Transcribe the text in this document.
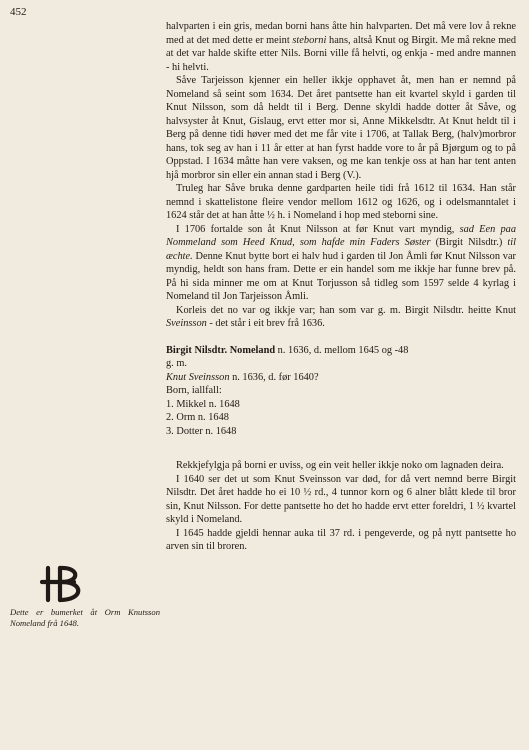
452

halvparten i ein gris, medan borni hans åtte hin halvparten. Det må vere lov å rekne med at det med dette er meint steborni hans, altså Knut og Birgit. Me må rekne med at det var halde skifte etter Nils. Borni ville få helvti, og enkja - med andre mannen - hi helvti.

Såve Tarjeisson kjenner ein heller ikkje opphavet åt, men han er nemnd på Nomeland så seint som 1634. Det året pantsette han eit kvartel skyld i garden til Knut Nilsson, som då heldt til i Berg. Denne skyldi hadde dotter åt Såve, og halvsyster åt Knut, Gislaug, ervt etter mor si, Anne Mikkelsdtr. At Knut heldt til i Berg på denne tidi høver med det me får vite i 1706, at Tallak Berg, (halv)morbror hans, tok seg av han i 11 år etter at han fyrst hadde vore to år på Bjørgum og to på Oppstad. I 1634 måtte han vere vaksen, og me kan tenkje oss at han har tent anten hjå morbror sin eller ein annan stad i Berg (V.).

Truleg har Såve bruka denne gardparten heile tidi frå 1612 til 1634. Han står nemnd i skattelistone fleire vendor mellom 1612 og 1626, og i odelsmanntalet i 1624 står det at han åtte ½ h. i Nomeland i hop med steborni sine.

I 1706 fortalde son åt Knut Nilsson at før Knut vart myndig, sad Een paa Nommeland som Heed Knud, som hafde min Faders Søster (Birgit Nilsdtr.) til æchte. Denne Knut bytte bort ei halv hud i garden til Jon Åmli før Knut Nilsson var myndig, heldt son hans fram. Dette er ein handel som me ikkje har funne brev på. På hi sida minner me om at Knut Torjusson så tidleg som 1597 selde 4 kyrlag i Nomeland til Jon Tarjeisson Åmli.

Korleis det no var og ikkje var; han som var g. m. Birgit Nilsdtr. heitte Knut Sveinsson - det står i eit brev frå 1636.

Birgit Nilsdtr. Nomeland n. 1636, d. mellom 1645 og -48
g. m.
Knut Sveinsson n. 1636, d. før 1640?
Born, iallfall:
1. Mikkel n. 1648
2. Orm n. 1648
3. Dotter n. 1648

Rekkjefylgja på borni er uviss, og ein veit heller ikkje noko om lagnaden deira.

I 1640 ser det ut som Knut Sveinsson var død, for då vert nemnd berre Birgit Nilsdtr. Det året hadde ho ei 10 ½ rd., 4 tunnor korn og 6 alner blått klede til bror sin, Knut Nilsson. For dette pantsette ho det ho hadde ervt etter foreldri, 1 ½ kvartel skyld i Nomeland.

I 1645 hadde gjeldi hennar auka til 37 rd. i pengeverde, og på nytt pantsette ho arven sin til broren.

Dette er bumerket åt Orm Knutsson Nomeland frå 1648.
